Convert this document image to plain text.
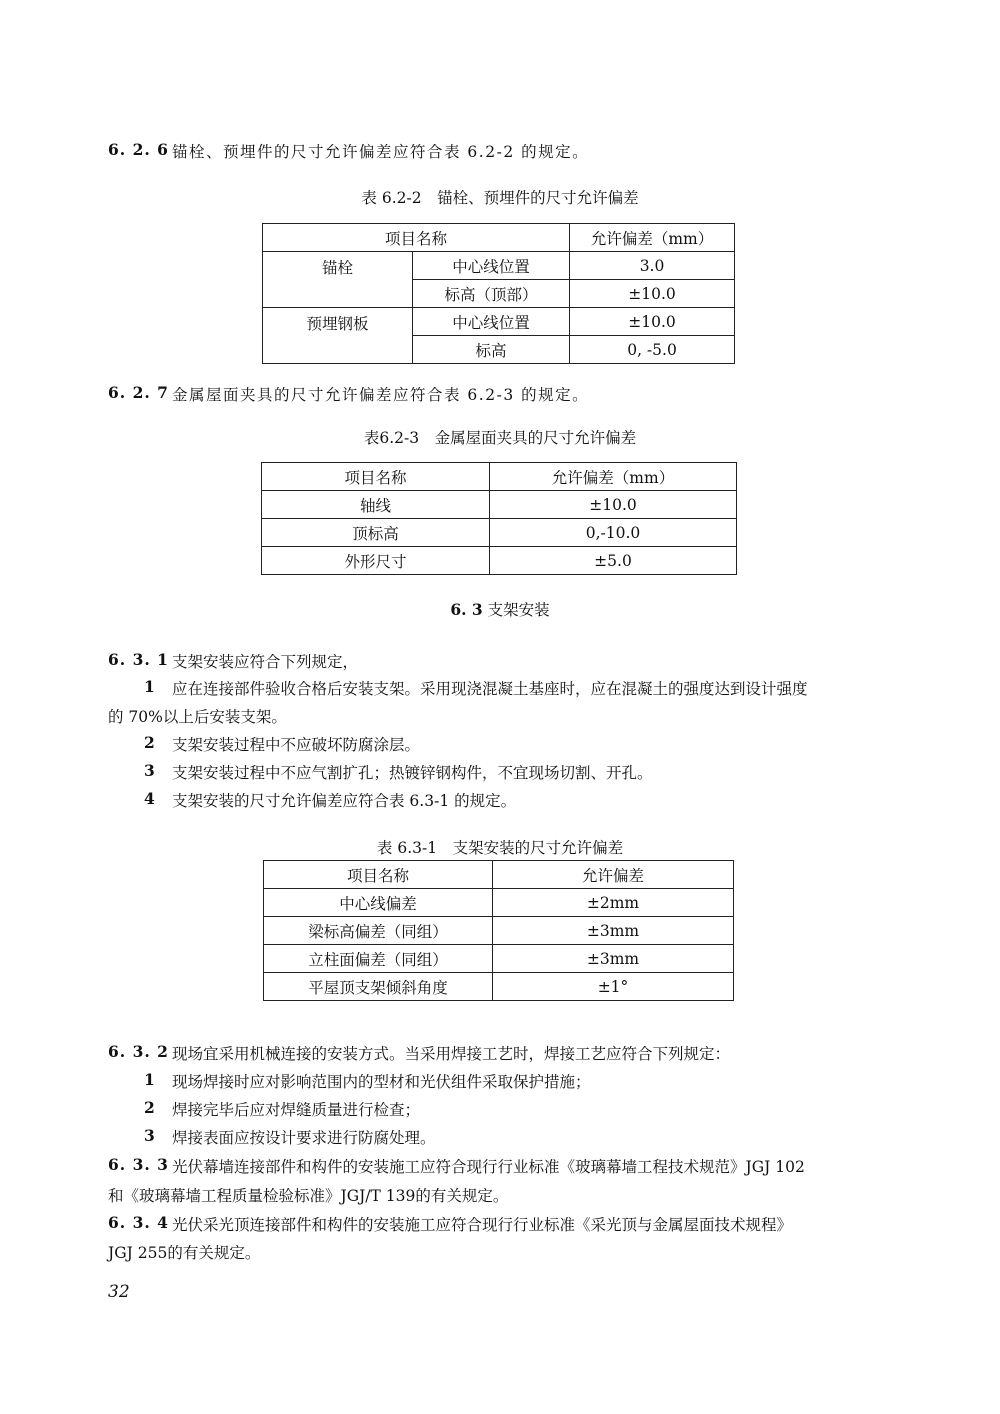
6. 2. 6 锚栓、预埋件的尺寸允许偏差应符合表 6.2-2 的规定。
表 6.2-2　锚栓、预埋件的尺寸允许偏差
项目名称		允许偏差（mm）
锚栓	中心线位置	3.0
	标高（顶部）	±10.0
预埋钢板	中心线位置	±10.0
	标高	0, -5.0
6. 2. 7 金属屋面夹具的尺寸允许偏差应符合表 6.2-3 的规定。
表6.2-3　金属屋面夹具的尺寸允许偏差
项目名称	允许偏差（mm）
轴线	±10.0
顶标高	0,-10.0
外形尺寸	±5.0
6. 3 支架安装
6. 3. 1 支架安装应符合下列规定，
1 应在连接部件验收合格后安装支架。采用现浇混凝土基座时，应在混凝土的强度达到设计强度
的 70%以上后安装支架。
2 支架安装过程中不应破坏防腐涂层。
3 支架安装过程中不应气割扩孔；热镀锌钢构件，不宜现场切割、开孔。
4 支架安装的尺寸允许偏差应符合表 6.3-1 的规定。
表 6.3-1　支架安装的尺寸允许偏差
项目名称	允许偏差
中心线偏差	±2mm
梁标高偏差（同组）	±3mm
立柱面偏差（同组）	±3mm
平屋顶支架倾斜角度	±1°
6. 3. 2 现场宜采用机械连接的安装方式。当采用焊接工艺时，焊接工艺应符合下列规定：
1 现场焊接时应对影响范围内的型材和光伏组件采取保护措施；
2 焊接完毕后应对焊缝质量进行检查；
3 焊接表面应按设计要求进行防腐处理。
6. 3. 3 光伏幕墙连接部件和构件的安装施工应符合现行行业标准《玻璃幕墙工程技术规范》JGJ 102
和《玻璃幕墙工程质量检验标准》JGJ/T 139的有关规定。
6. 3. 4 光伏采光顶连接部件和构件的安装施工应符合现行行业标准《采光顶与金属屋面技术规程》
JGJ 255的有关规定。
32
